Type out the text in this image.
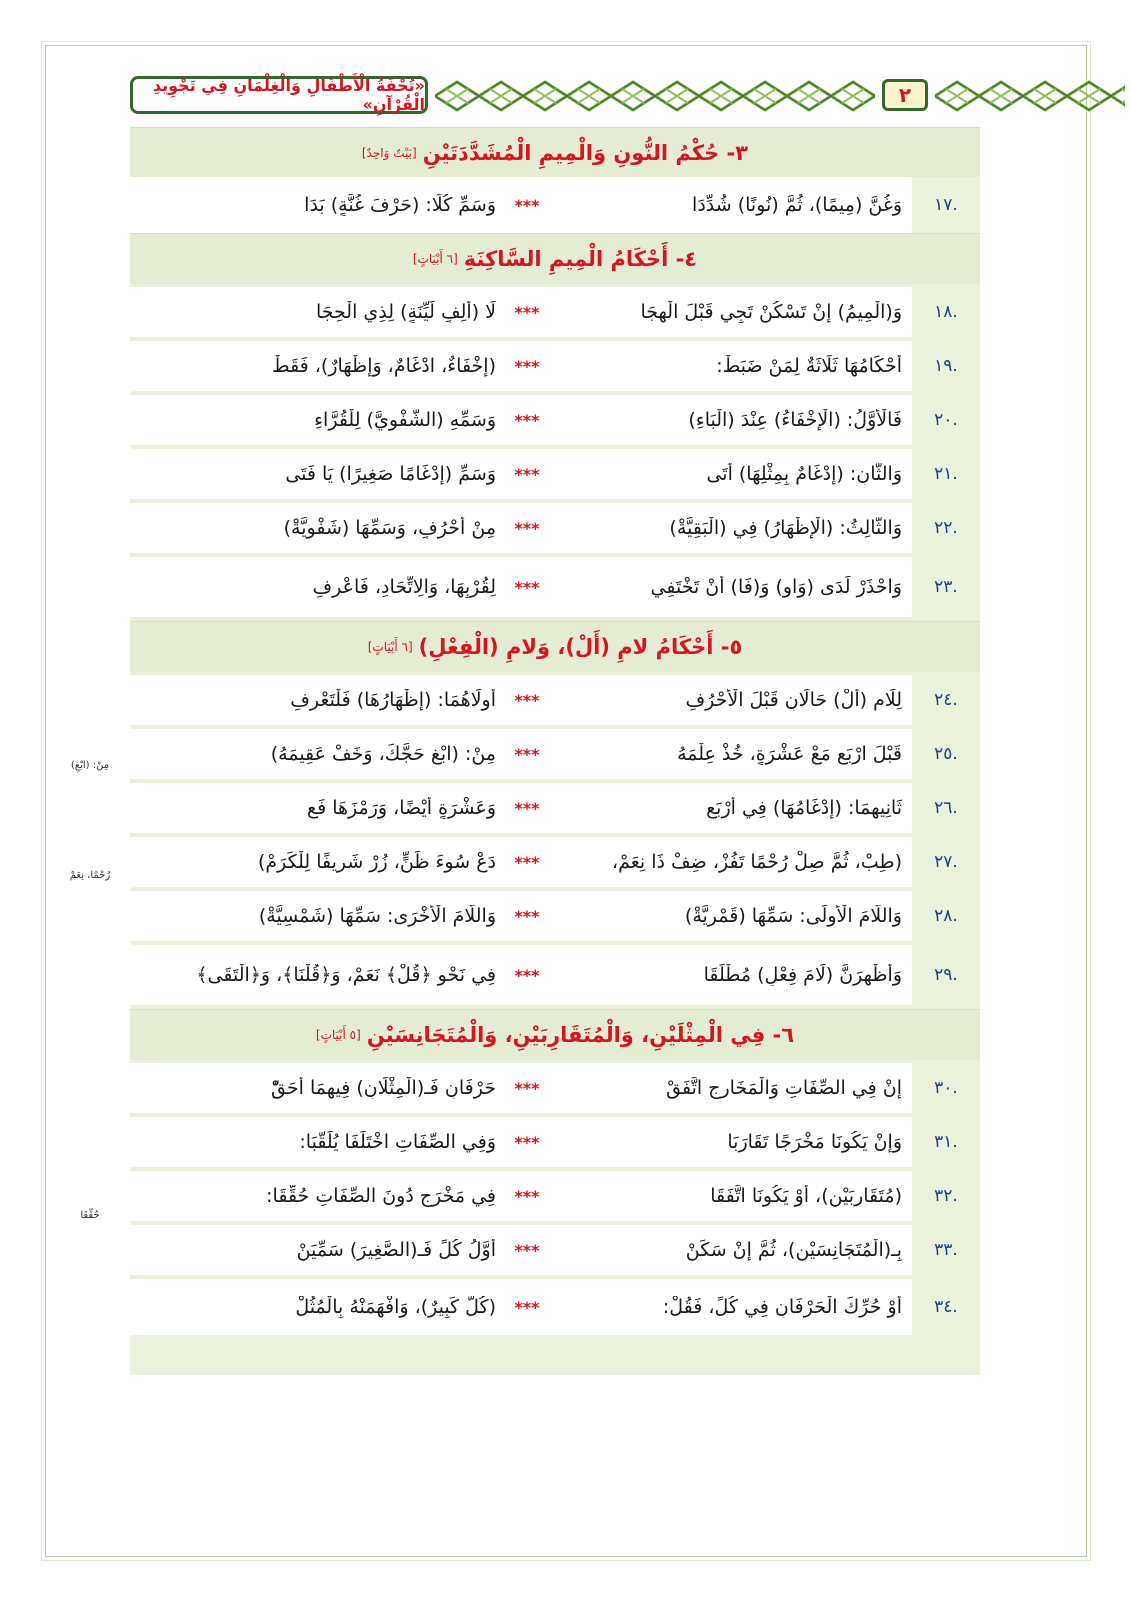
«تُحْفَةُ الْأَطْفَالِ وَالْغِلْمَانِ فِي تَجْوِيدِ الْقُرْآنِ»	٢
٣- حُكْمُ النُّونِ وَالْمِيمِ الْمُشَدَّدَتَيْنِ
[بَيْتٌ وَاحِدٌ]
١٧.
وَغُنَّ (مِيمًا)، ثُمَّ (نُونًا) شُدِّدَا
***
وَسَمِّ كُلًّا: (حَرْفَ غُنَّةٍ) بَدَا
٤- أَحْكَامُ الْمِيمِ السَّاكِنَةِ
[٦ أَبْيَاتٍ]
١٨.
وَ(الْمِيمُ) إِنْ تَسْكُنْ تَجِي قَبْلَ الْهِجَا
***
لَا (أَلِفٍ لَيِّنَةٍ) لِذِي الْحِجَا
١٩.
أَحْكَامُهَا ثَلَاثَةٌ لِمَنْ ضَبَطْ:
***
(إِخْفَاءٌ، ادْغَامٌ، وَإِظْهَارٌ)، فَقَطْ
٢٠.
فَالْأَوَّلُ: (الْإِخْفَاءُ) عِنْدَ (الْبَاءِ)
***
وَسَمِّهِ (الشَّفْوِيَّ) لِلْقُرَّاءِ
٢١.
وَالثَّانِ: (إِدْغَامٌ بِمِثْلِهَا) أَتَى
***
وَسَمِّ (إِدْغَامًا صَغِيرًا) يَا فَتَى
٢٢.
وَالثَّالِثُ: (الْإِظْهَارُ) فِي (الْبَقِيَّةْ)
***
مِنْ أَحْرُفٍ، وَسَمِّهَا (شَفْوِيَّةْ)
٢٣.
وَاحْذَرْ لَدَى (وَاوٍ) وَ(فَا) أَنْ تَخْتَفِي
***
لِقُرْبِهَا، وَالِاتِّحَادِ، فَاعْرِفِ
٥- أَحْكَامُ لامِ (أَلْ)، وَلامِ (الْفِعْلِ)
[٦ أَبْيَاتٍ]
٢٤.
لِلَامِ (أَلْ) حَالَانِ قَبْلَ الْأَحْرُفِ
***
أُولَاهُمَا: (إِظْهَارُهَا) فَلْتَعْرِفِ
٢٥.
قَبْلَ ارْبَعٍ مَعْ عَشْرَةٍ، خُذْ عِلْمَهُ
***
مِنْ: (ابْغِ حَجَّكَ، وَخَفْ عَقِيمَهُ)
٢٦.
ثَانِيهِمَا: (إِدْغَامُهَا) فِي أَرْبَعِ
***
وَعَشْرَةٍ أَيْضًا، وَرَمْزَهَا فَعِ
٢٧.
(طِبْ، ثُمَّ صِلْ رُحْمًا تَفُزْ، ضِفْ ذَا نِعَمْ،
***
دَعْ سُوءَ ظَنٍّ، زُرْ شَرِيفًا لِلْكَرَمْ)
٢٨.
وَاللَّامَ الْأُولَى: سَمِّهَا (قَمْرِيَّةْ)
***
وَاللَّامَ الْأُخْرَى: سَمِّهَا (شَمْسِيَّةْ)
٢٩.
وَأَظْهِرَنَّ (لَامَ فِعْلٍ) مُطْلَقَا
***
فِي نَحْوِ ﴿قُلْ﴾ نَعَمْ، وَ﴿قُلْنَا﴾، وَ﴿الْتَقَى﴾
٦- فِي الْمِثْلَيْنِ، وَالْمُتَقَارِبَيْنِ، وَالْمُتَجَانِسَيْنِ
[٥ أَبْيَاتٍ]
٣٠.
إِنْ فِي الصِّفَاتِ وَالْمَخَارِجِ اتَّفَقْ
***
حَرْفَانِ فَـ(الْمِثْلَانِ) فِيهِمَا أَحَقّْ
٣١.
وَإِنْ يَكُونَا مَخْرَجًا تَقَارَبَا
***
وَفِي الصِّفَاتِ اخْتَلَفَا يُلَقَّبَا:
٣٢.
(مُتَقَارِبَيْنِ)، أَوْ يَكُونَا اتَّفَقَا
***
فِي مَخْرَجٍ دُونَ الصِّفَاتِ حُقِّقَا:
٣٣.
بِـ(الْمُتَجَانِسَيْنِ)، ثُمَّ إِنْ سَكَنْ
***
أَوَّلُ كُلٍّ فَـ(الصَّغِيرَ) سَمِّيَنْ
٣٤.
أَوْ حُرِّكَ الْحَرْفَانِ فِي كُلٍّ، فَقُلْ:
***
(كُلٌّ كَبِيرٌ)، وَافْهَمَنْهُ بِالْمُثُلْ
مِنْ: (ابْغِ)
رُحْمًا، نِعَمْ
حُقِّقَا
